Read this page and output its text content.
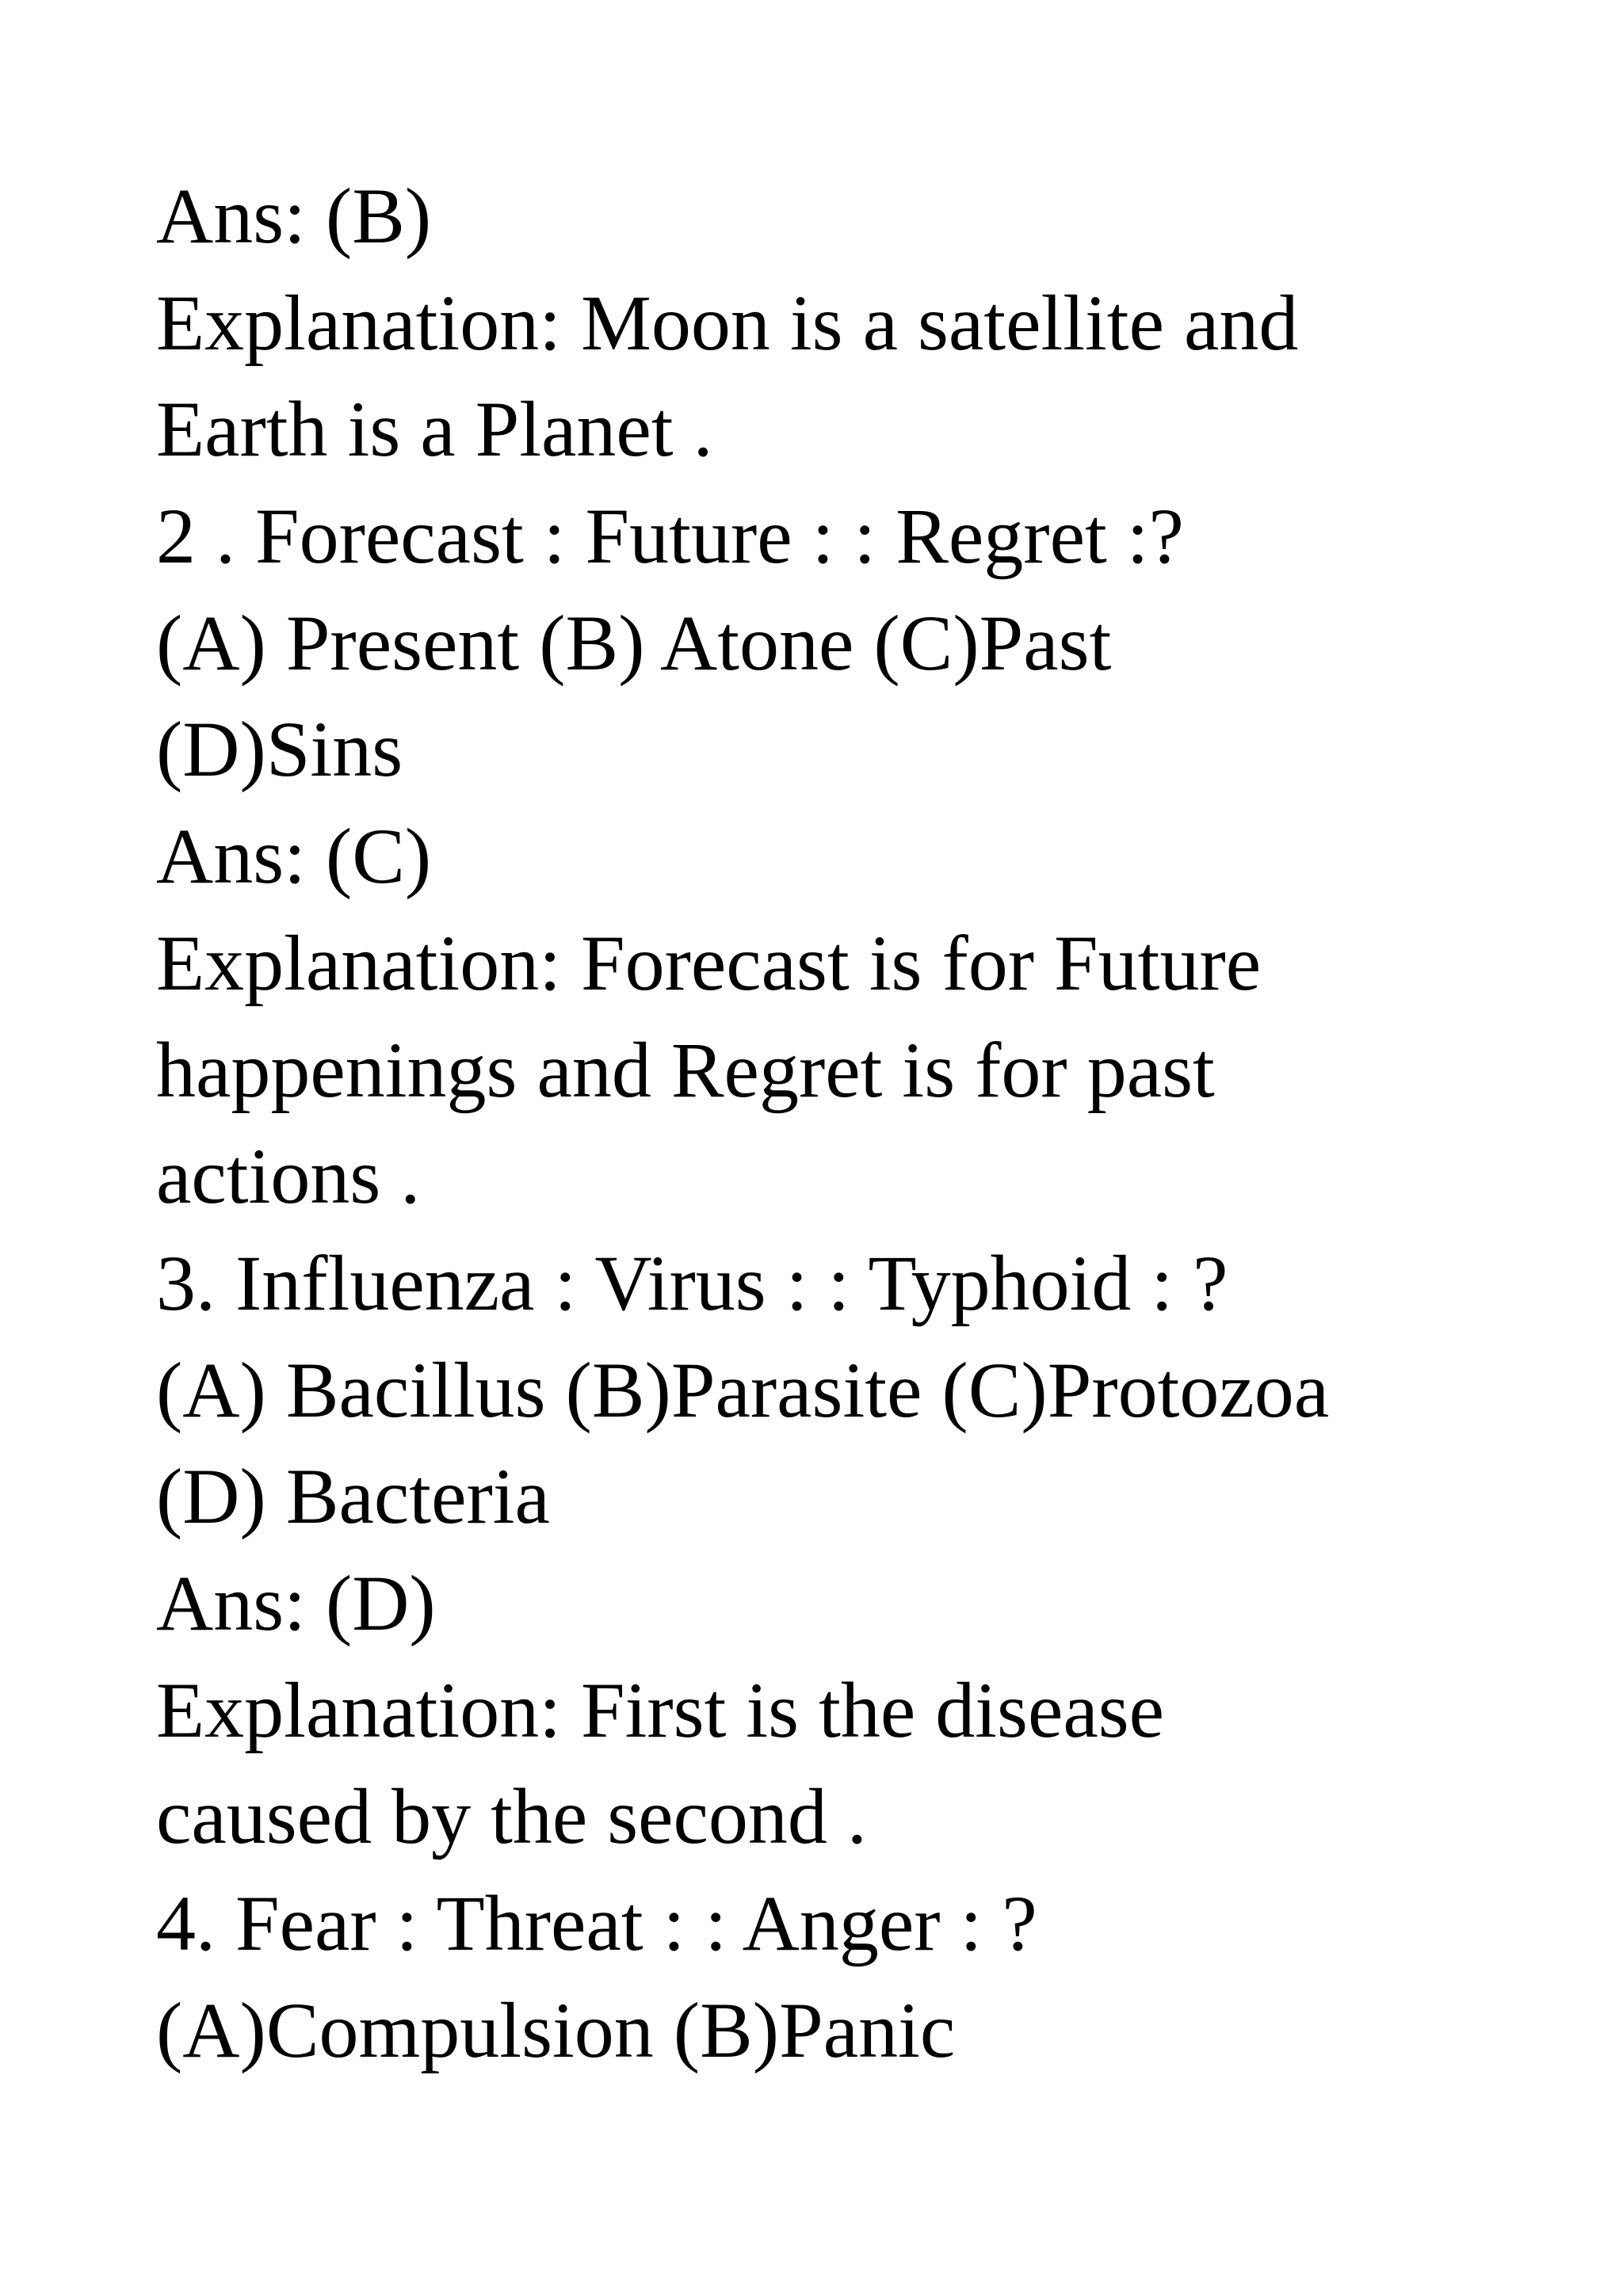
Ans: (B)
Explanation: Moon is a satellite and
Earth is a Planet .
2 . Forecast : Future : : Regret :?
(A) Present (B) Atone (C)Past
(D)Sins
Ans: (C)
Explanation: Forecast is for Future
happenings and Regret is for past
actions .
3. Influenza : Virus : : Typhoid : ?
(A) Bacillus (B)Parasite (C)Protozoa
(D) Bacteria
Ans: (D)
Explanation: First is the disease
caused by the second .
4. Fear : Threat : : Anger : ?
(A)Compulsion (B)Panic
